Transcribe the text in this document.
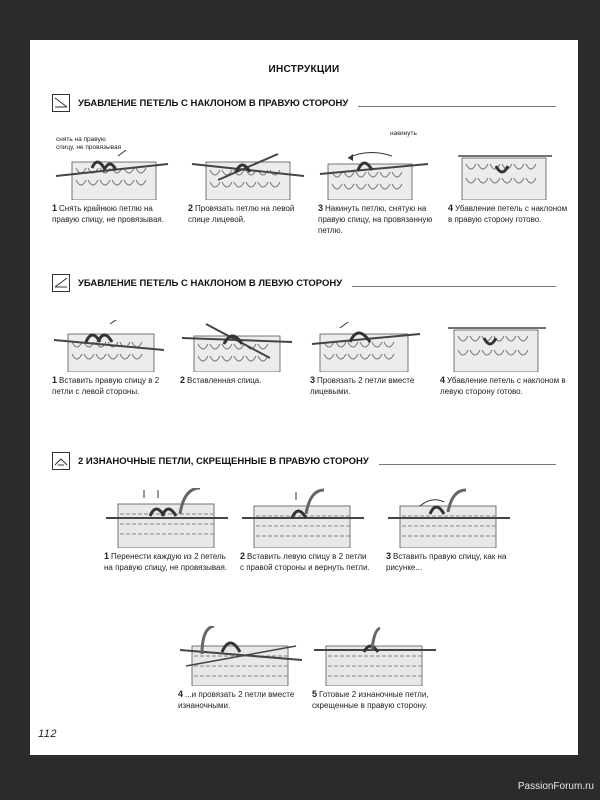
ИНСТРУКЦИИ
УБАВЛЕНИЕ ПЕТЕЛЬ С НАКЛОНОМ В ПРАВУЮ СТОРОНУ
снять на правую
спицу, не провязывая
накинуть
1 Снять крайнюю петлю на правую спицу, не провязывая.
2 Провязать петлю на левой спице лицевой.
3 Накинуть петлю, снятую на правую спицу, на провязанную петлю.
4 Убавление петель с наклоном в правую сторону готово.
УБАВЛЕНИЕ ПЕТЕЛЬ С НАКЛОНОМ В ЛЕВУЮ СТОРОНУ
1 Вставить правую спицу в 2 петли с левой стороны.
2 Вставленная спица.	3 Провязать 2 петли вместе лицевыми.
4 Убавление петель с наклоном в левую сторону готово.
2 ИЗНАНОЧНЫЕ ПЕТЛИ, СКРЕЩЕННЫЕ В ПРАВУЮ СТОРОНУ
1 Перенести каждую из 2 петель на правую спицу, не провязывая.
2 Вставить левую спицу в 2 петли с правой стороны и вернуть петли.
3 Вставить правую спицу, как на рисунке...
4 ...и провязать 2 петли вместе изнаночными.
5 Готовые 2 изнаночные петли, скрещенные в правую сторону.
112
PassionForum.ru
